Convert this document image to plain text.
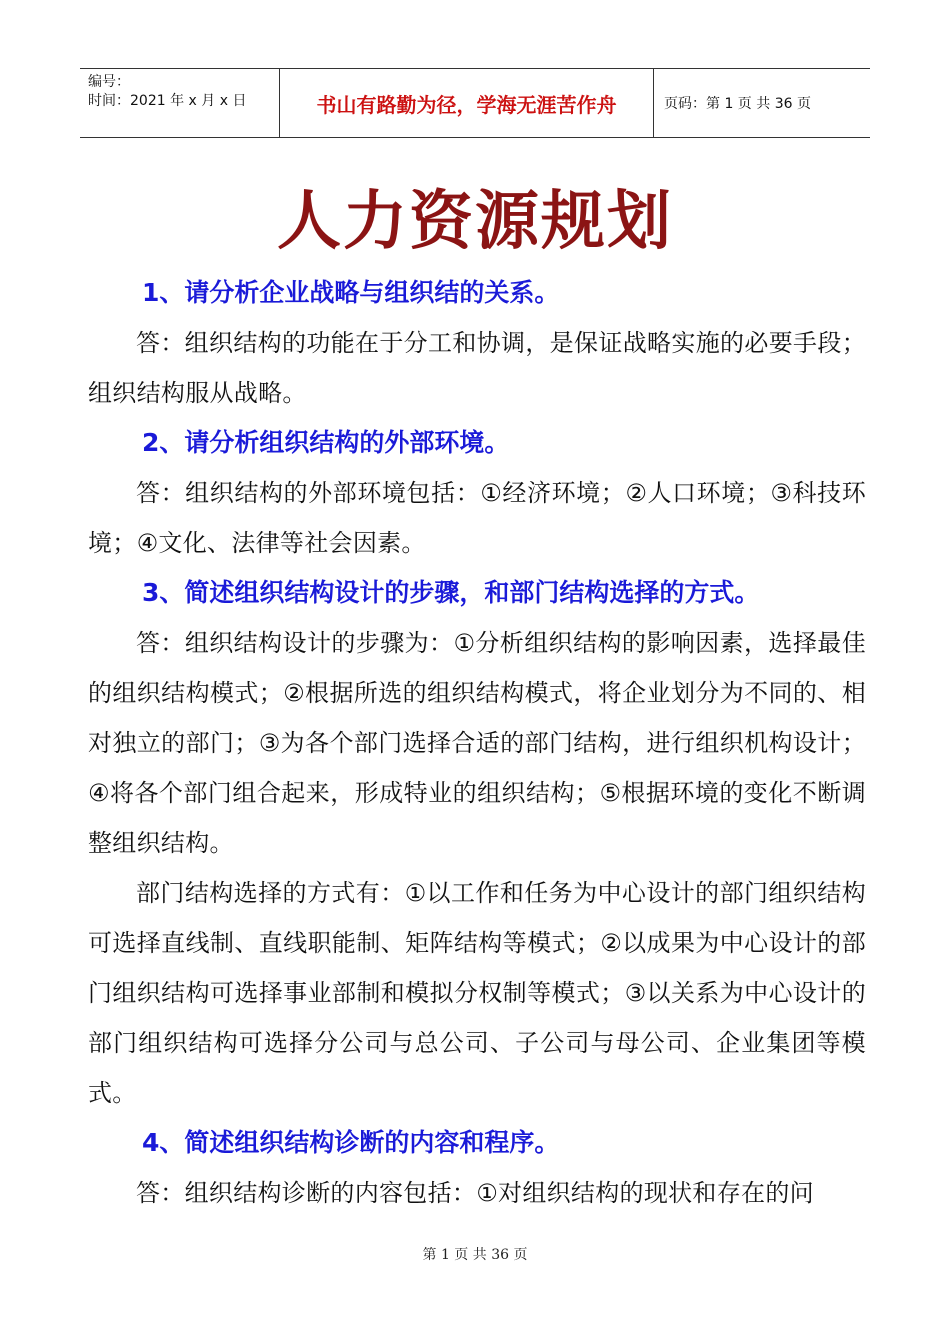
编号：
时间：2021 年 x 月 x 日	书山有路勤为径，学海无涯苦作舟	页码：第 1 页 共 36 页
人力资源规划
1、请分析企业战略与组织结的关系。

答：组织结构的功能在于分工和协调，是保证战略实施的必要手段；组织结构服从战略。

2、请分析组织结构的外部环境。

答：组织结构的外部环境包括：①经济环境；②人口环境；③科技环境；④文化、法律等社会因素。

3、简述组织结构设计的步骤，和部门结构选择的方式。

答：组织结构设计的步骤为：①分析组织结构的影响因素，选择最佳的组织结构模式；②根据所选的组织结构模式，将企业划分为不同的、相对独立的部门；③为各个部门选择合适的部门结构，进行组织机构设计；④将各个部门组合起来，形成特业的组织结构；⑤根据环境的变化不断调整组织结构。

部门结构选择的方式有：①以工作和任务为中心设计的部门组织结构可选择直线制、直线职能制、矩阵结构等模式；②以成果为中心设计的部门组织结构可选择事业部制和模拟分权制等模式；③以关系为中心设计的部门组织结构可选择分公司与总公司、子公司与母公司、企业集团等模式。

4、简述组织结构诊断的内容和程序。

答：组织结构诊断的内容包括：①对组织结构的现状和存在的问

第 1 页 共 36 页
